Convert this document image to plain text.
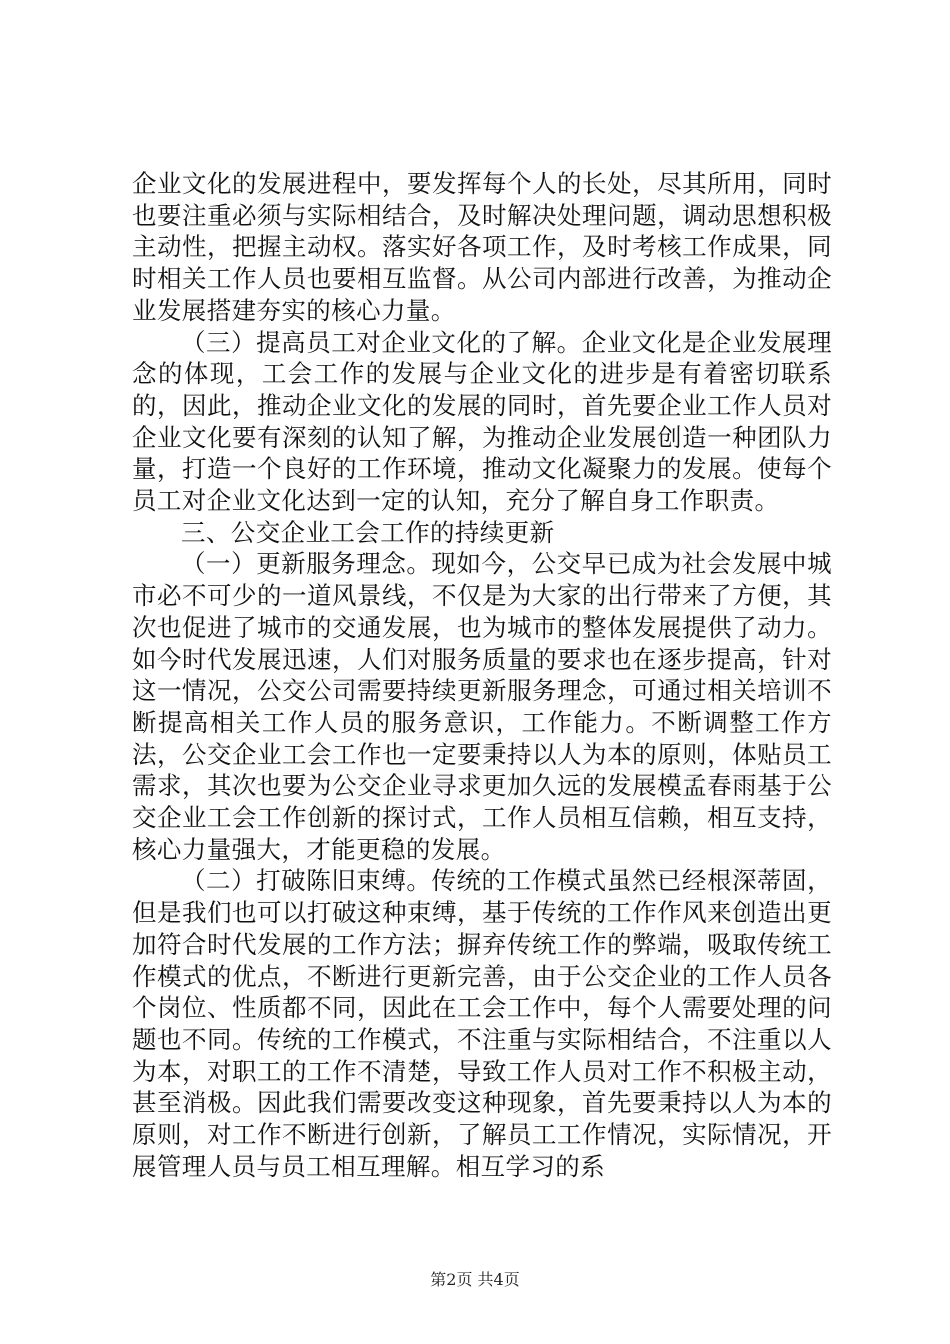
企业文化的发展进程中，要发挥每个人的长处，尽其所用，同时也要注重必须与实际相结合，及时解决处理问题，调动思想积极主动性，把握主动权。落实好各项工作，及时考核工作成果，同时相关工作人员也要相互监督。从公司内部进行改善，为推动企业发展搭建夯实的核心力量。

（三）提高员工对企业文化的了解。企业文化是企业发展理念的体现，工会工作的发展与企业文化的进步是有着密切联系的，因此，推动企业文化的发展的同时，首先要企业工作人员对企业文化要有深刻的认知了解，为推动企业发展创造一种团队力量，打造一个良好的工作环境，推动文化凝聚力的发展。使每个员工对企业文化达到一定的认知，充分了解自身工作职责。

三、公交企业工会工作的持续更新

（一）更新服务理念。现如今，公交早已成为社会发展中城市必不可少的一道风景线，不仅是为大家的出行带来了方便，其次也促进了城市的交通发展，也为城市的整体发展提供了动力。如今时代发展迅速，人们对服务质量的要求也在逐步提高，针对这一情况，公交公司需要持续更新服务理念，可通过相关培训不断提高相关工作人员的服务意识，工作能力。不断调整工作方法，公交企业工会工作也一定要秉持以人为本的原则，体贴员工需求，其次也要为公交企业寻求更加久远的发展模孟春雨基于公交企业工会工作创新的探讨式，工作人员相互信赖，相互支持，核心力量强大，才能更稳的发展。

（二）打破陈旧束缚。传统的工作模式虽然已经根深蒂固，但是我们也可以打破这种束缚，基于传统的工作作风来创造出更加符合时代发展的工作方法；摒弃传统工作的弊端，吸取传统工作模式的优点，不断进行更新完善，由于公交企业的工作人员各个岗位、性质都不同，因此在工会工作中，每个人需要处理的问题也不同。传统的工作模式，不注重与实际相结合，不注重以人为本，对职工的工作不清楚，导致工作人员对工作不积极主动，甚至消极。因此我们需要改变这种现象，首先要秉持以人为本的原则，对工作不断进行创新，了解员工工作情况，实际情况，开展管理人员与员工相互理解。相互学习的系

第2页 共4页
